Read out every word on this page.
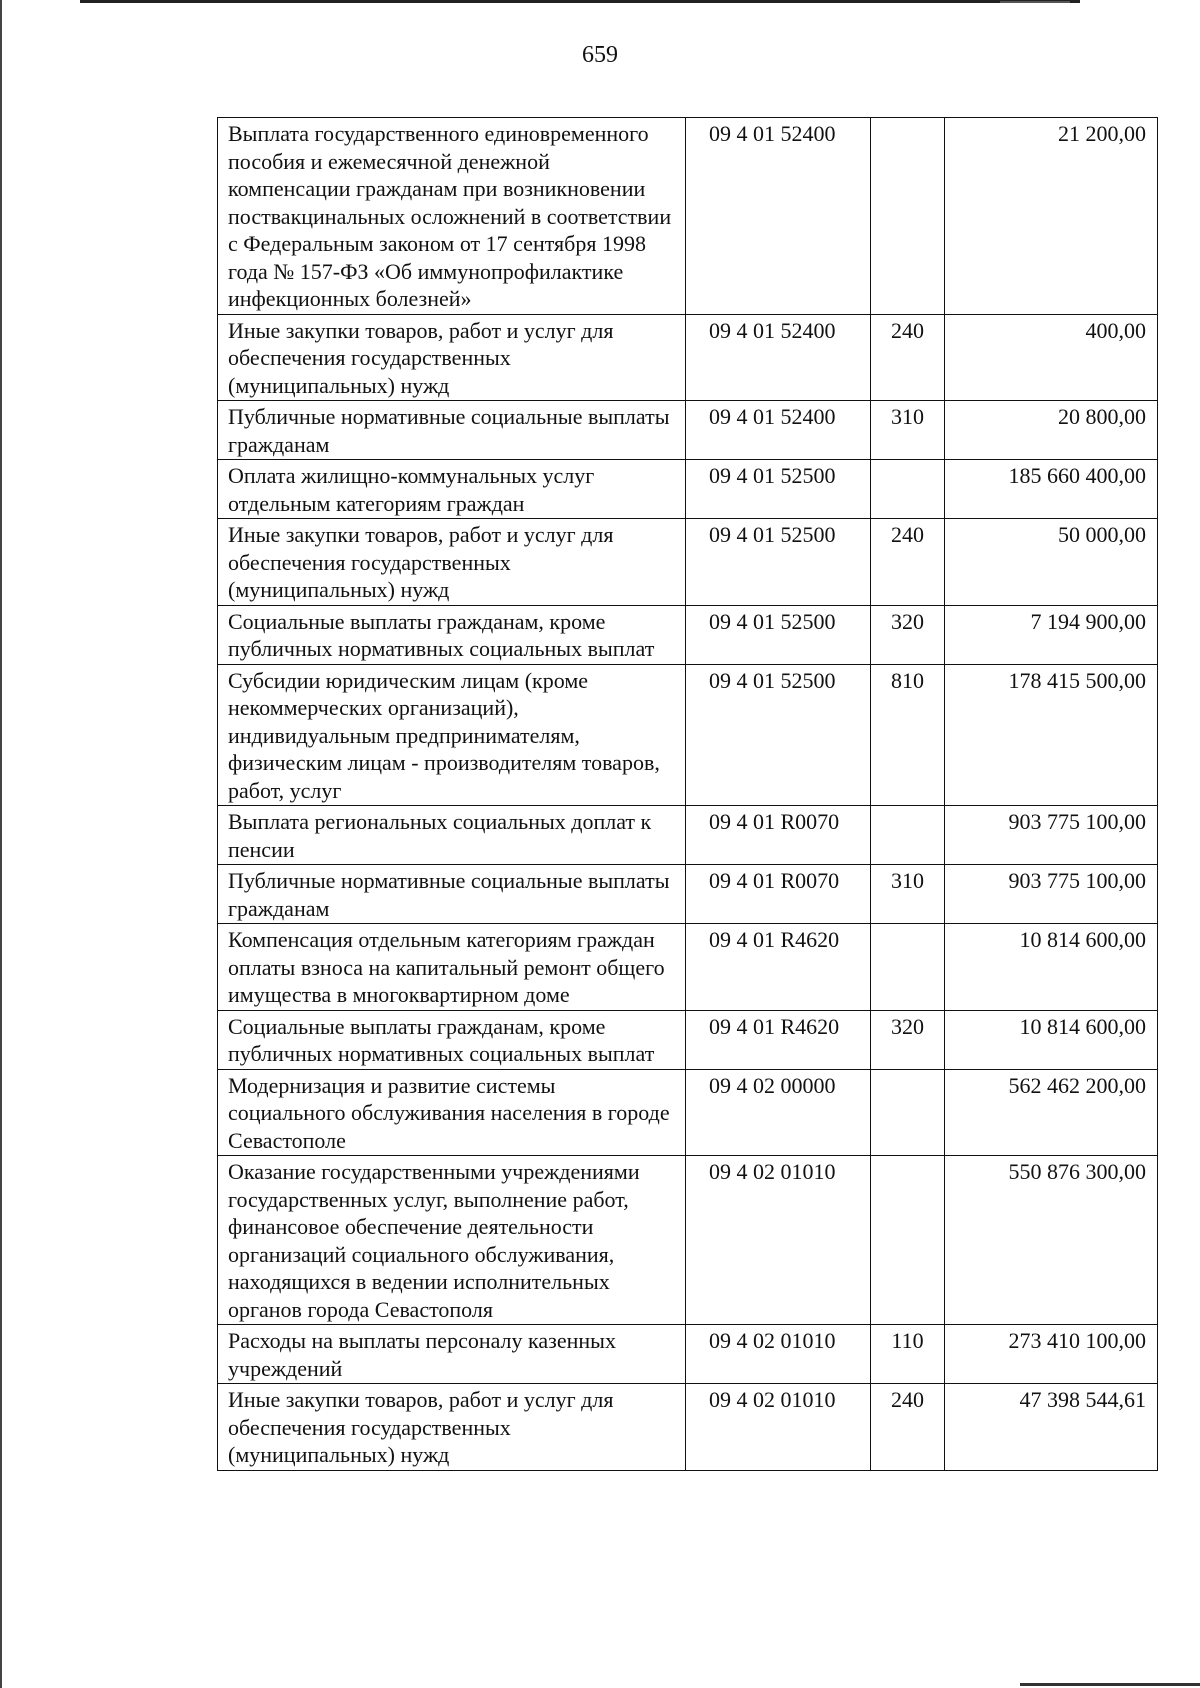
659
Выплата государственного единовременного пособия и ежемесячной денежной компенсации гражданам при возникновении поствакцинальных осложнений в соответствии с Федеральным законом от 17 сентября 1998 года № 157-ФЗ «Об иммунопрофилактике инфекционных болезней»	09 4 01 52400		21 200,00
Иные закупки товаров, работ и услуг для обеспечения государственных (муниципальных) нужд	09 4 01 52400	240	400,00
Публичные нормативные социальные выплаты гражданам	09 4 01 52400	310	20 800,00
Оплата жилищно-коммунальных услуг отдельным категориям граждан	09 4 01 52500		185 660 400,00
Иные закупки товаров, работ и услуг для обеспечения государственных (муниципальных) нужд	09 4 01 52500	240	50 000,00
Социальные выплаты гражданам, кроме публичных нормативных социальных выплат	09 4 01 52500	320	7 194 900,00
Субсидии юридическим лицам (кроме некоммерческих организаций), индивидуальным предпринимателям, физическим лицам - производителям товаров, работ, услуг	09 4 01 52500	810	178 415 500,00
Выплата региональных социальных доплат к пенсии	09 4 01 R0070		903 775 100,00
Публичные нормативные социальные выплаты гражданам	09 4 01 R0070	310	903 775 100,00
Компенсация отдельным категориям граждан оплаты взноса на капитальный ремонт общего имущества в многоквартирном доме	09 4 01 R4620		10 814 600,00
Социальные выплаты гражданам, кроме публичных нормативных социальных выплат	09 4 01 R4620	320	10 814 600,00
Модернизация и развитие системы социального обслуживания населения в городе Севастополе	09 4 02 00000		562 462 200,00
Оказание государственными учреждениями государственных услуг, выполнение работ, финансовое обеспечение деятельности организаций социального обслуживания, находящихся в ведении исполнительных органов города Севастополя	09 4 02 01010		550 876 300,00
Расходы на выплаты персоналу казенных учреждений	09 4 02 01010	110	273 410 100,00
Иные закупки товаров, работ и услуг для обеспечения государственных (муниципальных) нужд	09 4 02 01010	240	47 398 544,61
